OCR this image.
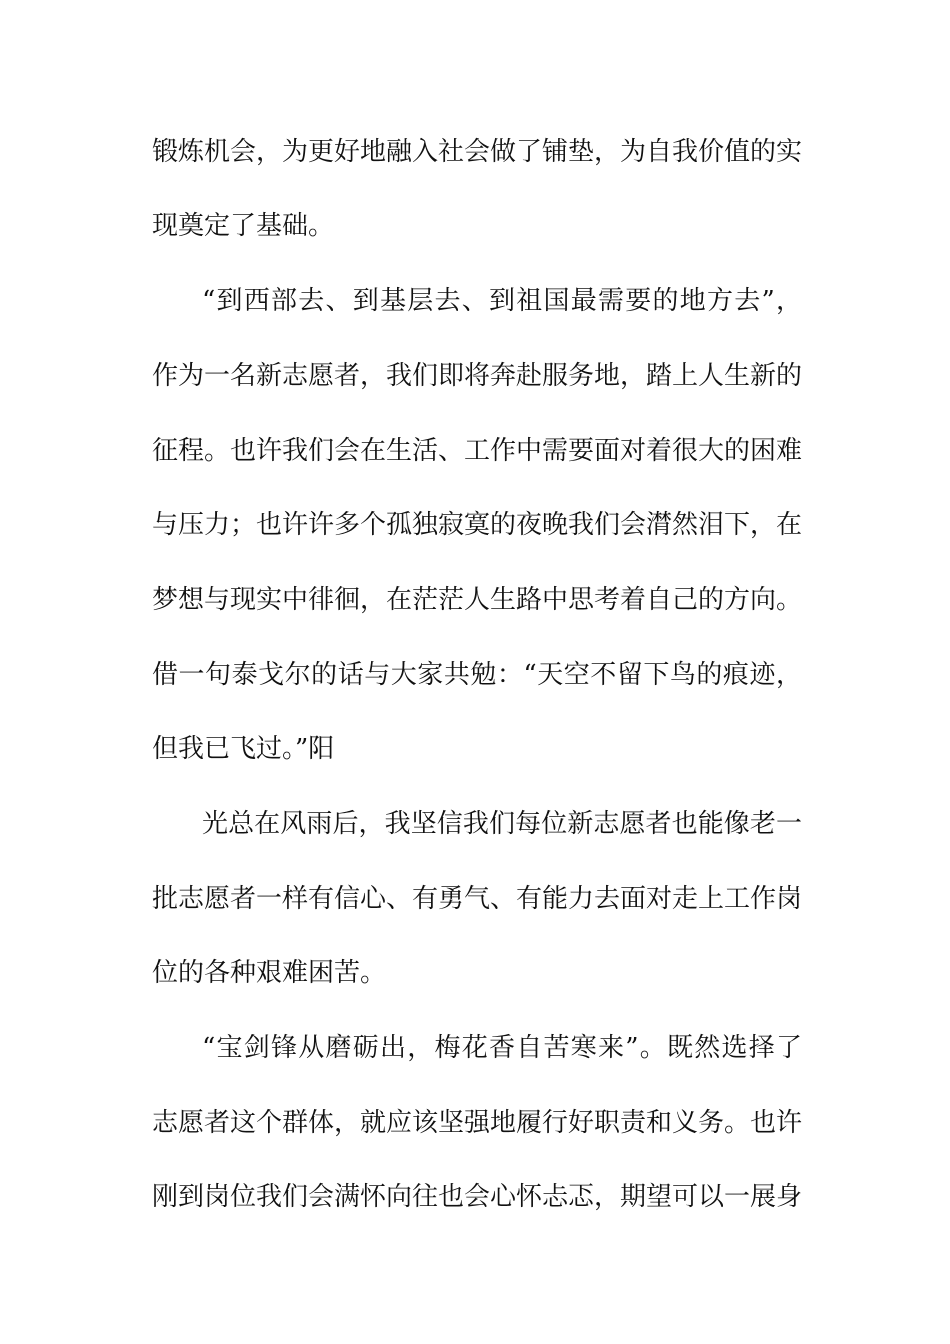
锻炼机会，为更好地融入社会做了铺垫，为自我价值的实
现奠定了基础。
“到西部去、到基层去、到祖国最需要的地方去”，
作为一名新志愿者，我们即将奔赴服务地，踏上人生新的
征程。也许我们会在生活、工作中需要面对着很大的困难
与压力；也许许多个孤独寂寞的夜晚我们会潸然泪下，在
梦想与现实中徘徊，在茫茫人生路中思考着自己的方向。
借一句泰戈尔的话与大家共勉：“天空不留下鸟的痕迹，
但我已飞过。”阳
光总在风雨后，我坚信我们每位新志愿者也能像老一
批志愿者一样有信心、有勇气、有能力去面对走上工作岗
位的各种艰难困苦。
“宝剑锋从磨砺出，梅花香自苦寒来”。既然选择了
志愿者这个群体，就应该坚强地履行好职责和义务。也许
刚到岗位我们会满怀向往也会心怀忐忑，期望可以一展身
